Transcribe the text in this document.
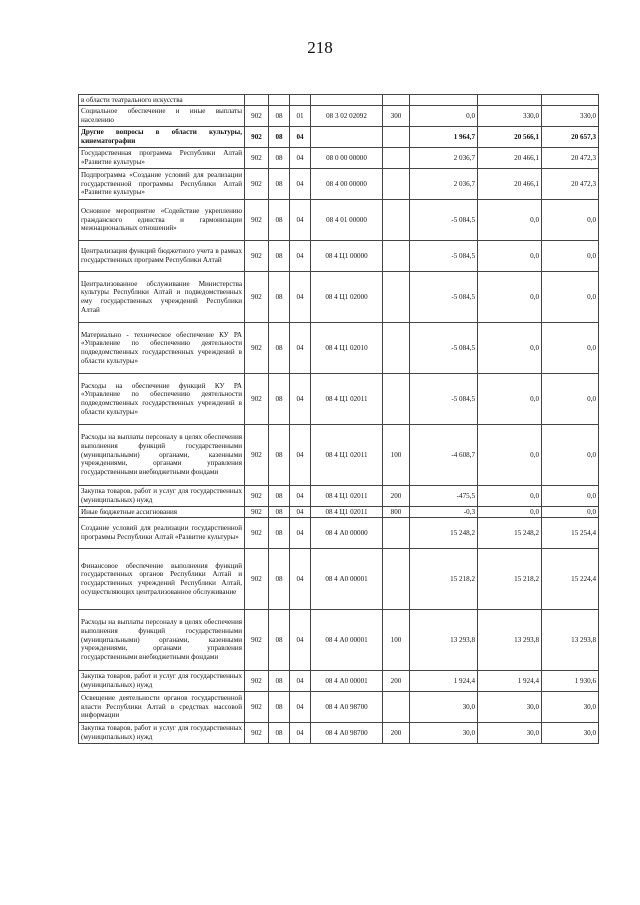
218
в области театрального искусства								
Социальное обеспечение и иные выплаты населению	902	08	01	08 3 02 02092	300	0,0	330,0	330,0
Другие вопросы в области культуры, кинематографии	902	08	04			1 964,7	20 566,1	20 657,3
Государственная программа Республики Алтай «Развитие культуры»	902	08	04	08 0 00 00000		2 036,7	20 466,1	20 472,3
Подпрограмма «Создание условий для реализации государственной программы Республики Алтай «Развитие культуры»	902	08	04	08 4 00 00000		2 036,7	20 466,1	20 472,3
Основное мероприятие «Содействие укреплению гражданского единства и гармонизации межнациональных отношений»	902	08	04	08 4 01 00000		-5 084,5	0,0	0,0
Централизация функций бюджетного учета в рамках государственных программ Республики Алтай	902	08	04	08 4 Ц1 00000		-5 084,5	0,0	0,0
Централизованное обслуживание Министерства культуры Республики Алтай и подведомственных ему государственных учреждений Республики Алтай	902	08	04	08 4 Ц1 02000		-5 084,5	0,0	0,0
Материально - техническое обеспечение КУ РА «Управление по обеспечению деятельности подведомственных государственных учреждений в области культуры»	902	08	04	08 4 Ц1 02010		-5 084,5	0,0	0,0
Расходы на обеспечение функций КУ РА «Управление по обеспечению деятельности подведомственных государственных учреждений в области культуры»	902	08	04	08 4 Ц1 02011		-5 084,5	0,0	0,0
Расходы на выплаты персоналу в целях обеспечения выполнения функций государственными (муниципальными) органами, казенными учреждениями, органами управления государственными внебюджетными фондами	902	08	04	08 4 Ц1 02011	100	-4 608,7	0,0	0,0
Закупка товаров, работ и услуг для государственных (муниципальных) нужд	902	08	04	08 4 Ц1 02011	200	-475,5	0,0	0,0
Иные бюджетные ассигнования	902	08	04	08 4 Ц1 02011	800	-0,3	0,0	0,0
Создание условий для реализации государственной программы Республики Алтай «Развитие культуры»	902	08	04	08 4 А0 00000		15 248,2	15 248,2	15 254,4
Финансовое обеспечение выполнения функций государственных органов Республики Алтай и государственных учреждений Республики Алтай, осуществляющих централизованное обслуживание	902	08	04	08 4 А0 00001		15 218,2	15 218,2	15 224,4
Расходы на выплаты персоналу в целях обеспечения выполнения функций государственными (муниципальными) органами, казенными учреждениями, органами управления государственными внебюджетными фондами	902	08	04	08 4 А0 00001	100	13 293,8	13 293,8	13 293,8
Закупка товаров, работ и услуг для государственных (муниципальных) нужд	902	08	04	08 4 А0 00001	200	1 924,4	1 924,4	1 930,6
Освещение деятельности органов государственной власти Республики Алтай в средствах массовой информации	902	08	04	08 4 А0 98700		30,0	30,0	30,0
Закупка товаров, работ и услуг для государственных (муниципальных) нужд	902	08	04	08 4 А0 98700	200	30,0	30,0	30,0
